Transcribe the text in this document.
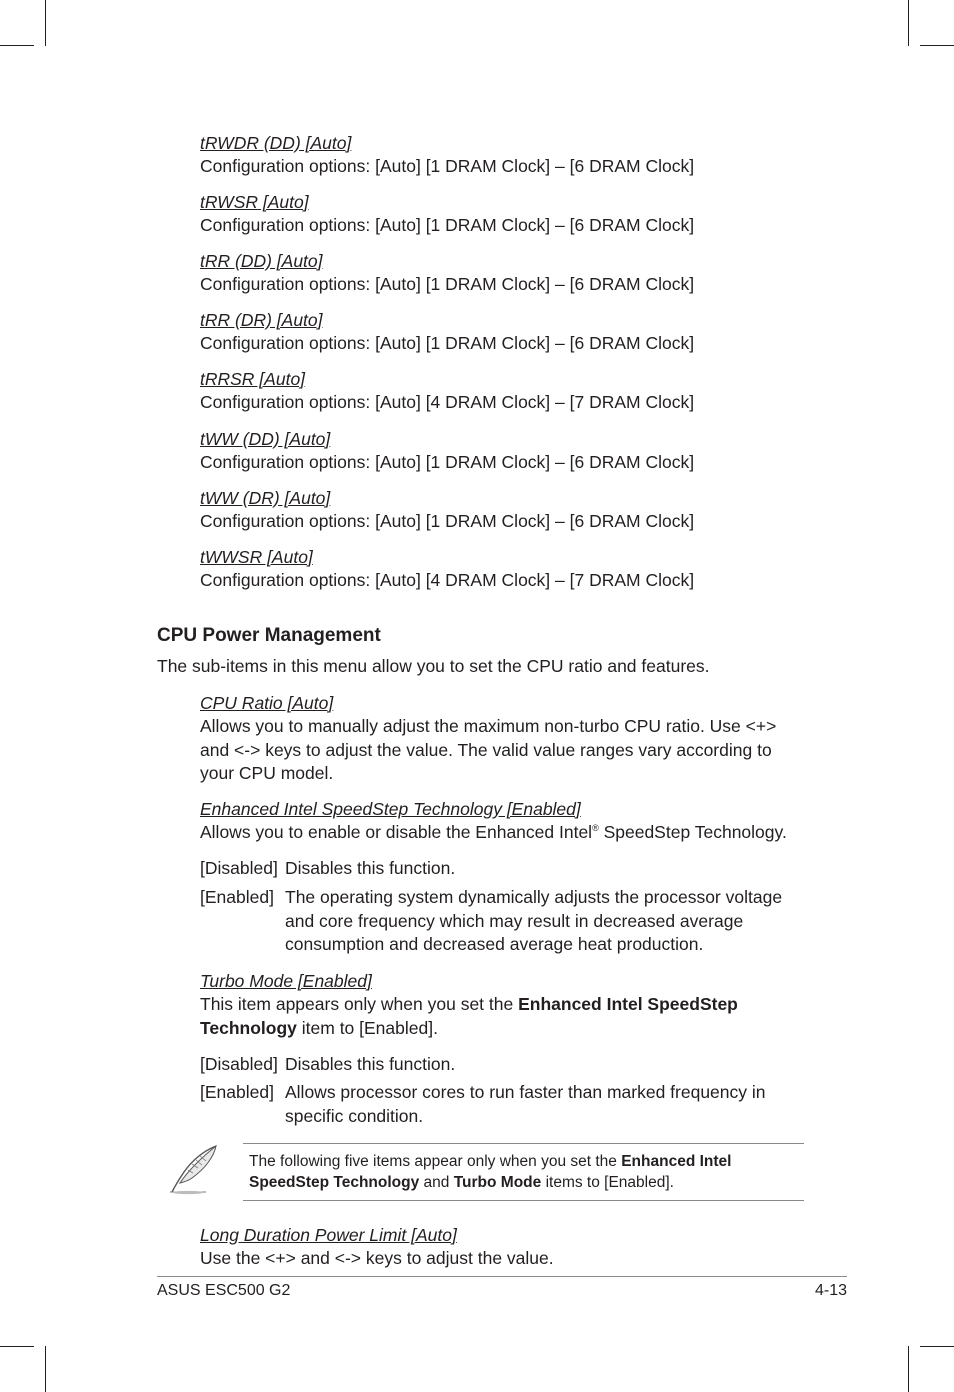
tRWDR (DD) [Auto]
Configuration options: [Auto] [1 DRAM Clock] – [6 DRAM Clock]
tRWSR [Auto]
Configuration options: [Auto] [1 DRAM Clock] – [6 DRAM Clock]
tRR (DD) [Auto]
Configuration options: [Auto] [1 DRAM Clock] – [6 DRAM Clock]
tRR (DR) [Auto]
Configuration options: [Auto] [1 DRAM Clock] – [6 DRAM Clock]
tRRSR [Auto]
Configuration options: [Auto] [4 DRAM Clock] – [7 DRAM Clock]
tWW (DD) [Auto]
Configuration options: [Auto] [1 DRAM Clock] – [6 DRAM Clock]
tWW (DR) [Auto]
Configuration options: [Auto] [1 DRAM Clock] – [6 DRAM Clock]
tWWSR [Auto]
Configuration options: [Auto] [4 DRAM Clock] – [7 DRAM Clock]
CPU Power Management
The sub-items in this menu allow you to set the CPU ratio and features.
CPU Ratio [Auto]
Allows you to manually adjust the maximum non-turbo CPU ratio. Use <+> and <-> keys to adjust the value. The valid value ranges vary according to your CPU model.
Enhanced Intel SpeedStep Technology [Enabled]
Allows you to enable or disable the Enhanced Intel® SpeedStep Technology.
[Disabled] Disables this function.
[Enabled] The operating system dynamically adjusts the processor voltage and core frequency which may result in decreased average consumption and decreased average heat production.
Turbo Mode [Enabled]
This item appears only when you set the Enhanced Intel SpeedStep Technology item to [Enabled].
[Disabled] Disables this function.
[Enabled] Allows processor cores to run faster than marked frequency in specific condition.
The following five items appear only when you set the Enhanced Intel SpeedStep Technology and Turbo Mode items to [Enabled].
Long Duration Power Limit [Auto]
Use the <+> and <-> keys to adjust the value.
ASUS ESC500 G2	4-13
